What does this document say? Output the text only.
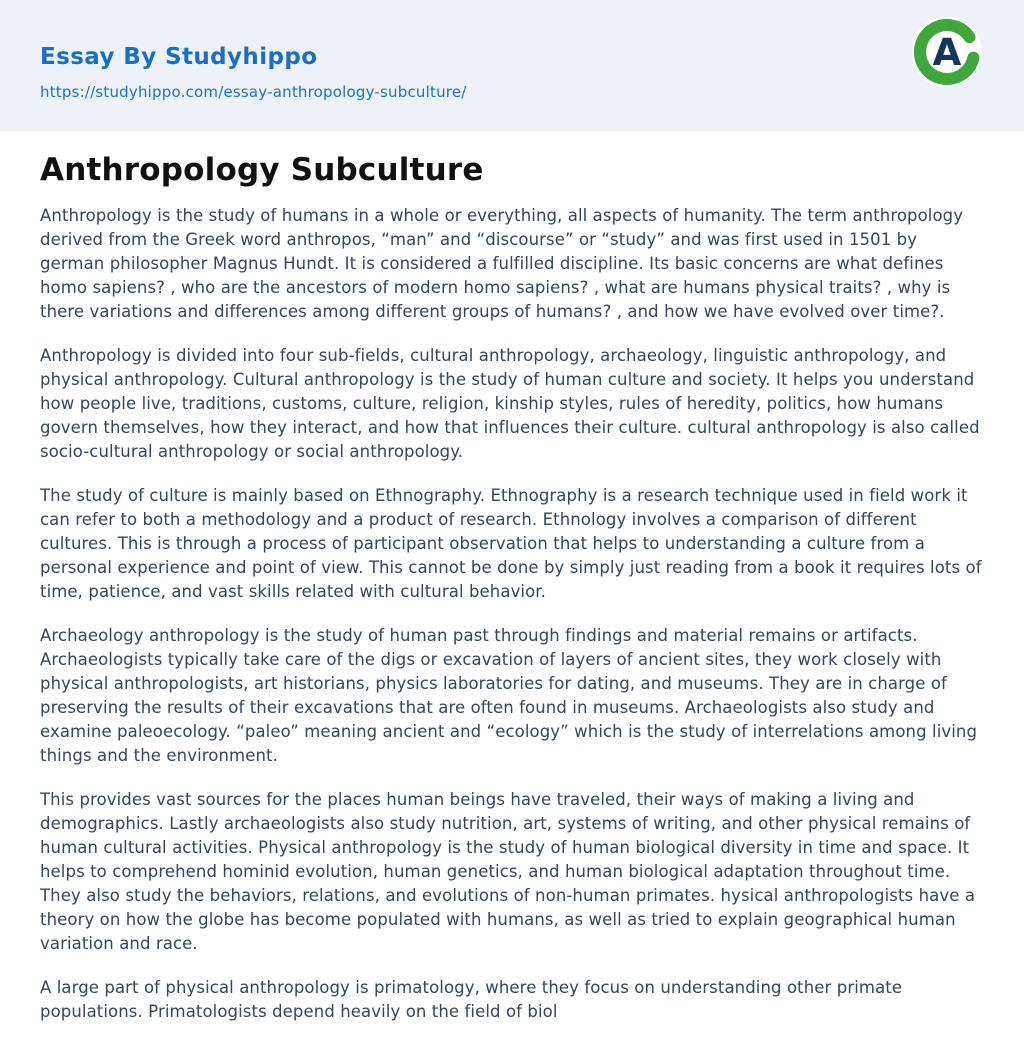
Essay By Studyhippo
https://studyhippo.com/essay-anthropology-subculture/
A
Anthropology Subculture

Anthropology is the study of humans in a whole or everything, all aspects of humanity. The term anthropology derived from the Greek word anthropos, “man” and “discourse” or “study” and was first used in 1501 by german philosopher Magnus Hundt. It is considered a fulfilled discipline. Its basic concerns are what defines homo sapiens? , who are the ancestors of modern homo sapiens? , what are humans physical traits? , why is there variations and differences among different groups of humans? , and how we have evolved over time?.

Anthropology is divided into four sub-fields, cultural anthropology, archaeology, linguistic anthropology, and physical anthropology. Cultural anthropology is the study of human culture and society. It helps you understand how people live, traditions, customs, culture, religion, kinship styles, rules of heredity, politics, how humans govern themselves, how they interact, and how that influences their culture. cultural anthropology is also called socio-cultural anthropology or social anthropology.

The study of culture is mainly based on Ethnography. Ethnography is a research technique used in field work it can refer to both a methodology and a product of research. Ethnology involves a comparison of different cultures. This is through a process of participant observation that helps to understanding a culture from a personal experience and point of view. This cannot be done by simply just reading from a book it requires lots of time, patience, and vast skills related with cultural behavior.

Archaeology anthropology is the study of human past through findings and material remains or artifacts. Archaeologists typically take care of the digs or excavation of layers of ancient sites, they work closely with physical anthropologists, art historians, physics laboratories for dating, and museums. They are in charge of preserving the results of their excavations that are often found in museums. Archaeologists also study and examine paleoecology. “paleo” meaning ancient and “ecology” which is the study of interrelations among living things and the environment.

This provides vast sources for the places human beings have traveled, their ways of making a living and demographics. Lastly archaeologists also study nutrition, art, systems of writing, and other physical remains of human cultural activities. Physical anthropology is the study of human biological diversity in time and space. It helps to comprehend hominid evolution, human genetics, and human biological adaptation throughout time. They also study the behaviors, relations, and evolutions of non-human primates. hysical anthropologists have a theory on how the globe has become populated with humans, as well as tried to explain geographical human variation and race.

A large part of physical anthropology is primatology, where they focus on understanding other primate populations. Primatologists depend heavily on the field of biol
